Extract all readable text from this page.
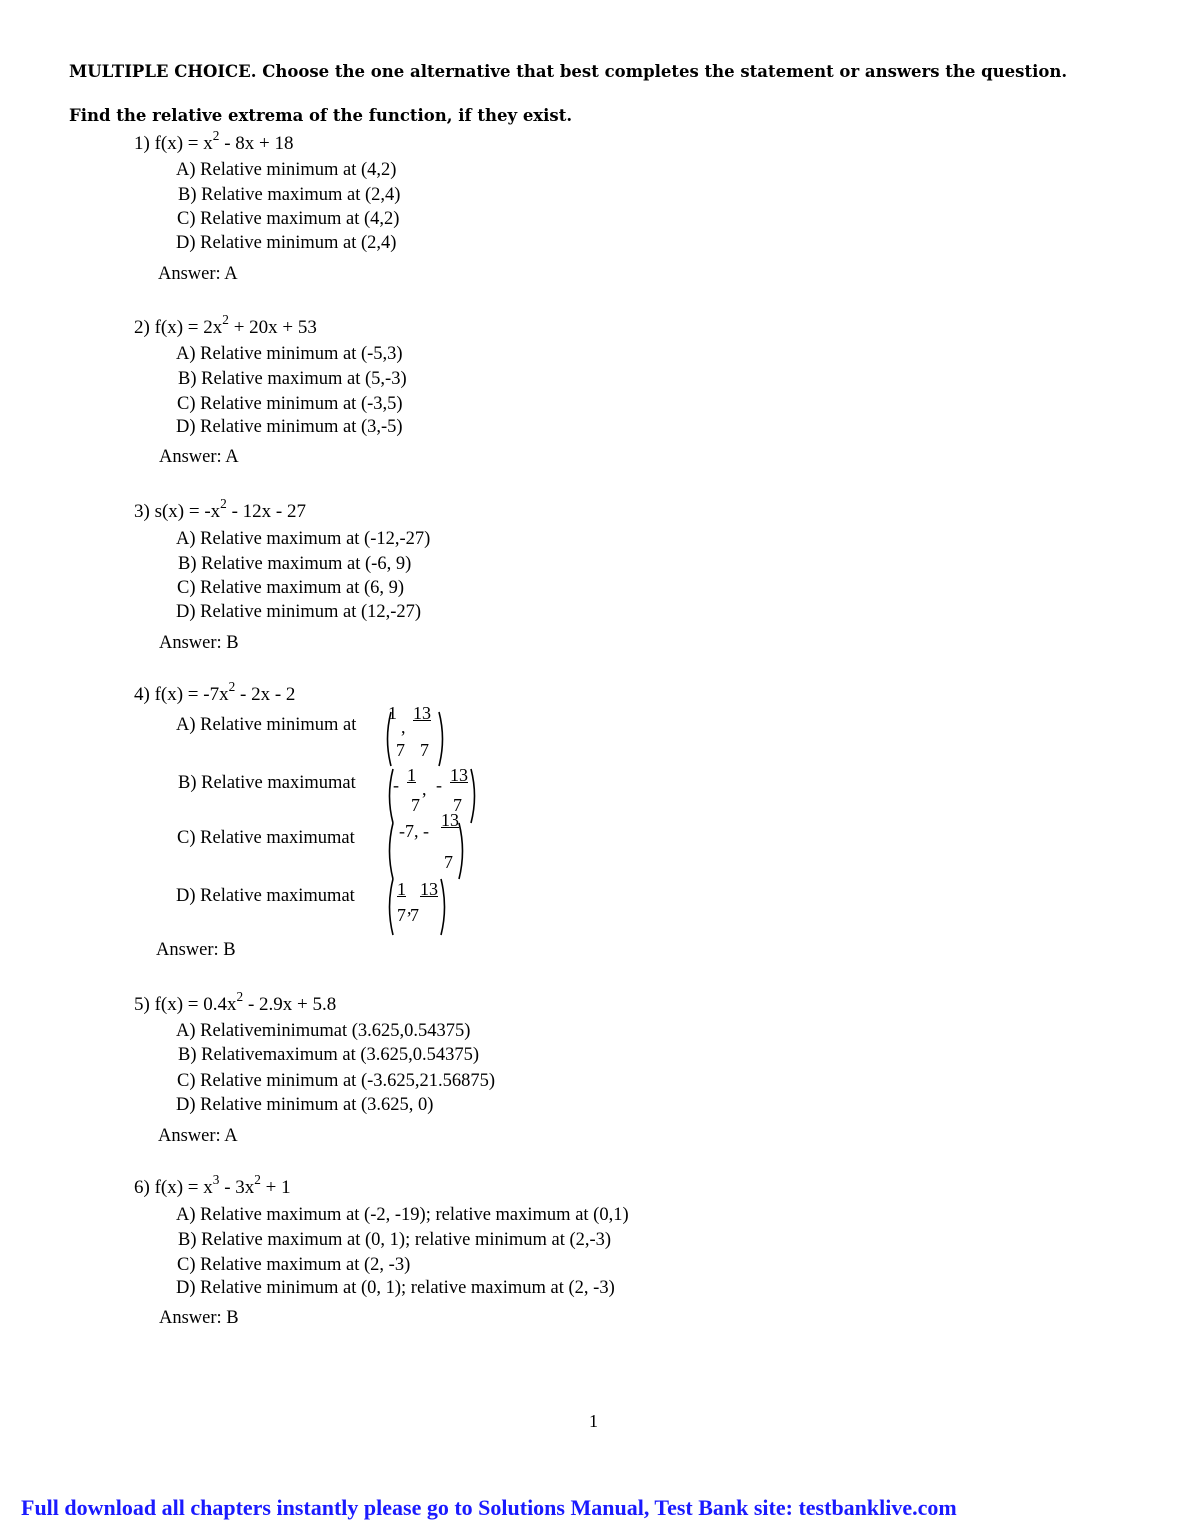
MULTIPLE CHOICE. Choose the one alternative that best completes the statement or answers the question.
Find the relative extrema of the function, if they exist.
1) $f(x) = x^2 - 8x + 18$
A) Relative minimum at (4,2)
B) Relative maximum at (2,4)
C) Relative maximum at (4,2)
D) Relative minimum at (2,4)
Answer: A
2) $f(x) = 2x^2 + 20x + 53$
A) Relative minimum at (-5,3)
B) Relative maximum at (5,-3)
C) Relative minimum at (-3,5)
D) Relative minimum at (3,-5)
Answer: A
3) $s(x) = -x^2 - 12x - 27$
A) Relative maximum at (-12,-27)
B) Relative maximum at (-6, 9)
C) Relative maximum at (6, 9)
D) Relative minimum at (12,-27)
Answer: B
4) $f(x) = -7x^2 - 2x - 2$
A) Relative minimum at
1
,
13
7 7
B) Relative maximumat - 1
, - 13
7 7
C) Relative maximumat -7, -
13
7
D) Relative maximumat 1 13
7 ,
7
Answer: B
5) $f(x) = 0.4x^2 - 2.9x + 5.8$
A) Relativeminimumat (3.625,0.54375)
B) Relativemaximum at (3.625,0.54375)
C) Relative minimum at (-3.625,21.56875)
D) Relative minimum at (3.625, 0)
Answer: A
6) $f(x) = x^3 - 3x^2 + 1$
A) Relative maximum at (-2, -19); relative maximum at (0,1)
B) Relative maximum at (0, 1); relative minimum at (2,-3)
C) Relative maximum at (2, -3)
D) Relative minimum at (0, 1); relative maximum at (2, -3)
Answer: B
1
Full download all chapters instantly please go to Solutions Manual, Test Bank site: testbanklive.com
